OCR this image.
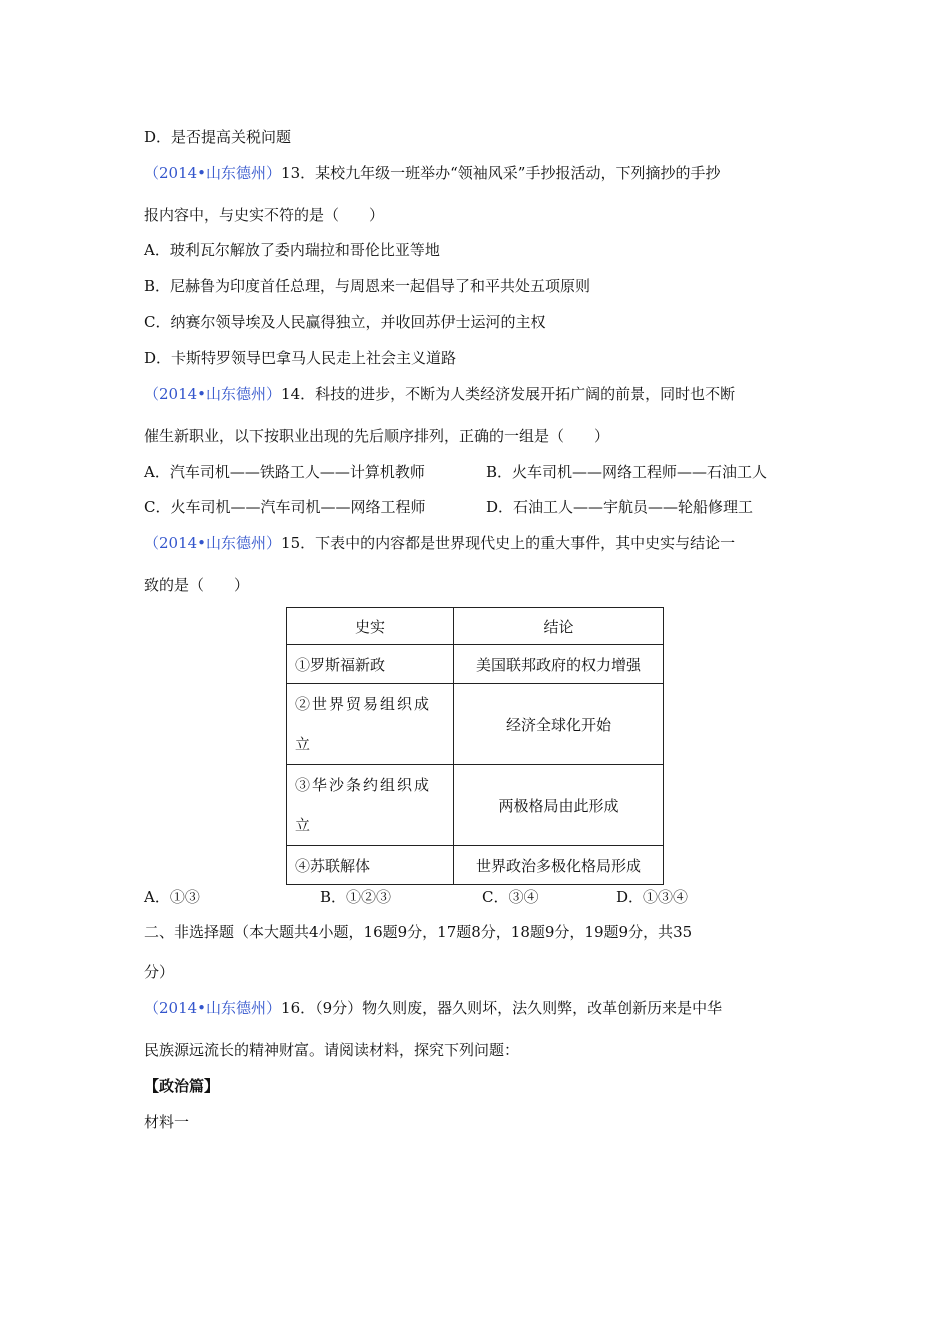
D．是否提高关税问题
（2014•山东德州）13．某校九年级一班举办“领袖风采”手抄报活动，下列摘抄的手抄
报内容中，与史实不符的是（　　）
A．玻利瓦尔解放了委内瑞拉和哥伦比亚等地
B．尼赫鲁为印度首任总理，与周恩来一起倡导了和平共处五项原则
C．纳赛尔领导埃及人民赢得独立，并收回苏伊士运河的主权
D．卡斯特罗领导巴拿马人民走上社会主义道路
（2014•山东德州）14．科技的进步，不断为人类经济发展开拓广阔的前景，同时也不断
催生新职业，以下按职业出现的先后顺序排列，正确的一组是（　　）
A．汽车司机——铁路工人——计算机教师	B．火车司机——网络工程师——石油工人
C．火车司机——汽车司机——网络工程师	D．石油工人——宇航员——轮船修理工
（2014•山东德州）15．下表中的内容都是世界现代史上的重大事件，其中史实与结论一
致的是（　　）
史实	结论
①罗斯福新政	美国联邦政府的权力增强
②世界贸易组织成
立	经济全球化开始
③华沙条约组织成
立	两极格局由此形成
④苏联解体	世界政治多极化格局形成
A．①③	B．①②③	C．③④	D．①③④
二、非选择题（本大题共4小题，16题9分，17题8分，18题9分，19题9分，共35
分）
（2014•山东德州）16．（9分）物久则废，器久则坏，法久则弊，改革创新历来是中华
民族源远流长的精神财富。请阅读材料，探究下列问题：
【政治篇】
材料一
